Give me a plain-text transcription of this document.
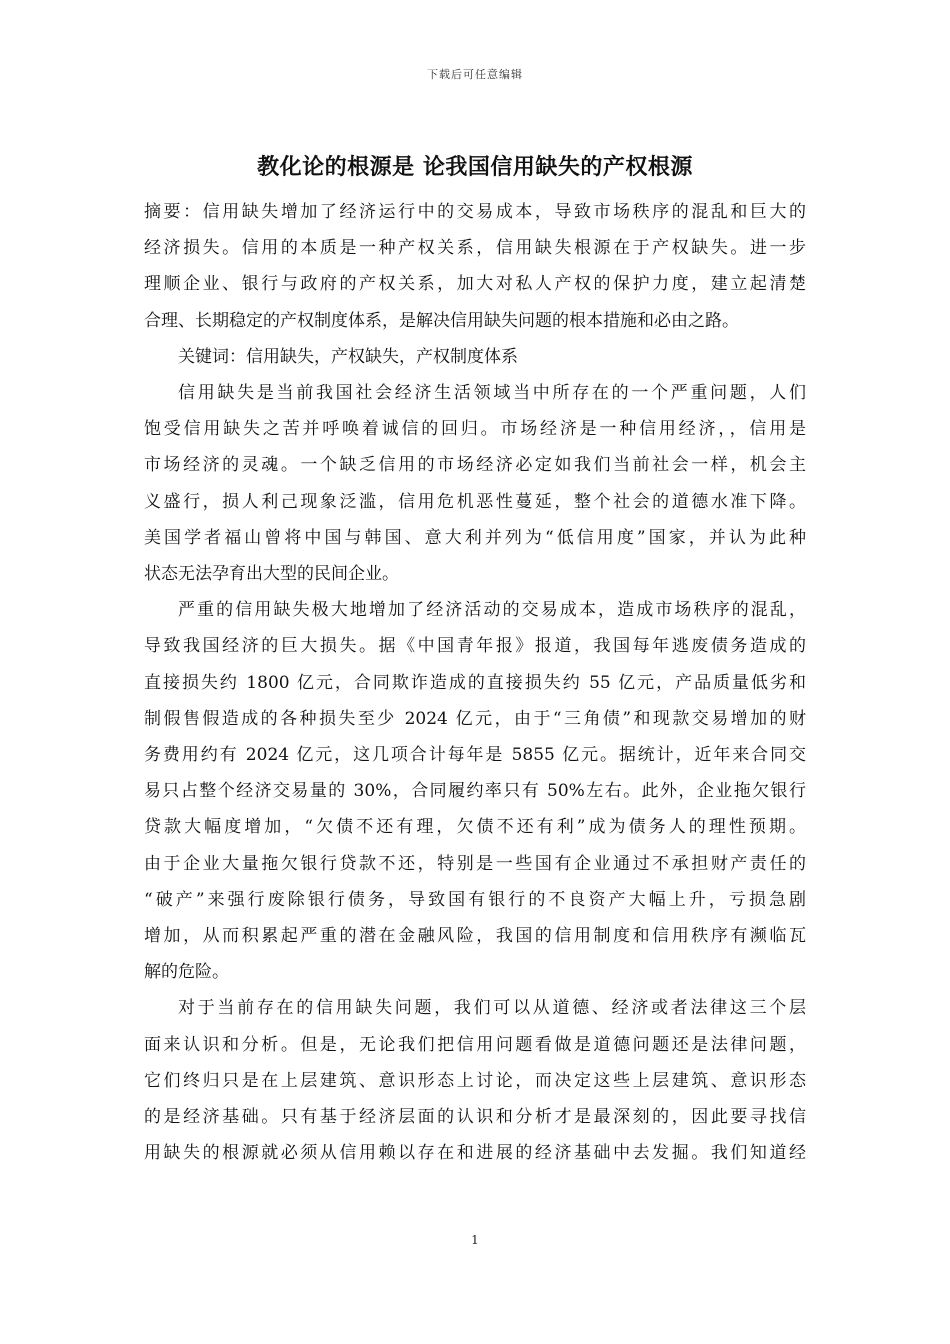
下载后可任意编辑
教化论的根源是 论我国信用缺失的产权根源

摘要：信用缺失增加了经济运行中的交易成本，导致市场秩序的混乱和巨大的
经济损失。信用的本质是一种产权关系，信用缺失根源在于产权缺失。进一步
理顺企业、银行与政府的产权关系，加大对私人产权的保护力度，建立起清楚
合理、长期稳定的产权制度体系，是解决信用缺失问题的根本措施和必由之路。

关键词：信用缺失，产权缺失，产权制度体系

信用缺失是当前我国社会经济生活领域当中所存在的一个严重问题，人们
饱受信用缺失之苦并呼唤着诚信的回归。市场经济是一种信用经济，，信用是
市场经济的灵魂。一个缺乏信用的市场经济必定如我们当前社会一样，机会主
义盛行，损人利己现象泛滥，信用危机恶性蔓延，整个社会的道德水准下降。
美国学者福山曾将中国与韩国、意大利并列为“低信用度”国家，并认为此种
状态无法孕育出大型的民间企业。

严重的信用缺失极大地增加了经济活动的交易成本，造成市场秩序的混乱，
导致我国经济的巨大损失。据《中国青年报》报道，我国每年逃废债务造成的
直接损失约 1800 亿元，合同欺诈造成的直接损失约 55 亿元，产品质量低劣和
制假售假造成的各种损失至少 2024 亿元，由于“三角债”和现款交易增加的财
务费用约有 2024 亿元，这几项合计每年是 5855 亿元。据统计，近年来合同交
易只占整个经济交易量的 30%，合同履约率只有 50%左右。此外，企业拖欠银行
贷款大幅度增加，“欠债不还有理，欠债不还有利”成为债务人的理性预期。
由于企业大量拖欠银行贷款不还，特别是一些国有企业通过不承担财产责任的
“破产”来强行废除银行债务，导致国有银行的不良资产大幅上升，亏损急剧
增加，从而积累起严重的潜在金融风险，我国的信用制度和信用秩序有濒临瓦
解的危险。

对于当前存在的信用缺失问题，我们可以从道德、经济或者法律这三个层
面来认识和分析。但是，无论我们把信用问题看做是道德问题还是法律问题，
它们终归只是在上层建筑、意识形态上讨论，而决定这些上层建筑、意识形态
的是经济基础。只有基于经济层面的认识和分析才是最深刻的，因此要寻找信
用缺失的根源就必须从信用赖以存在和进展的经济基础中去发掘。我们知道经

1
